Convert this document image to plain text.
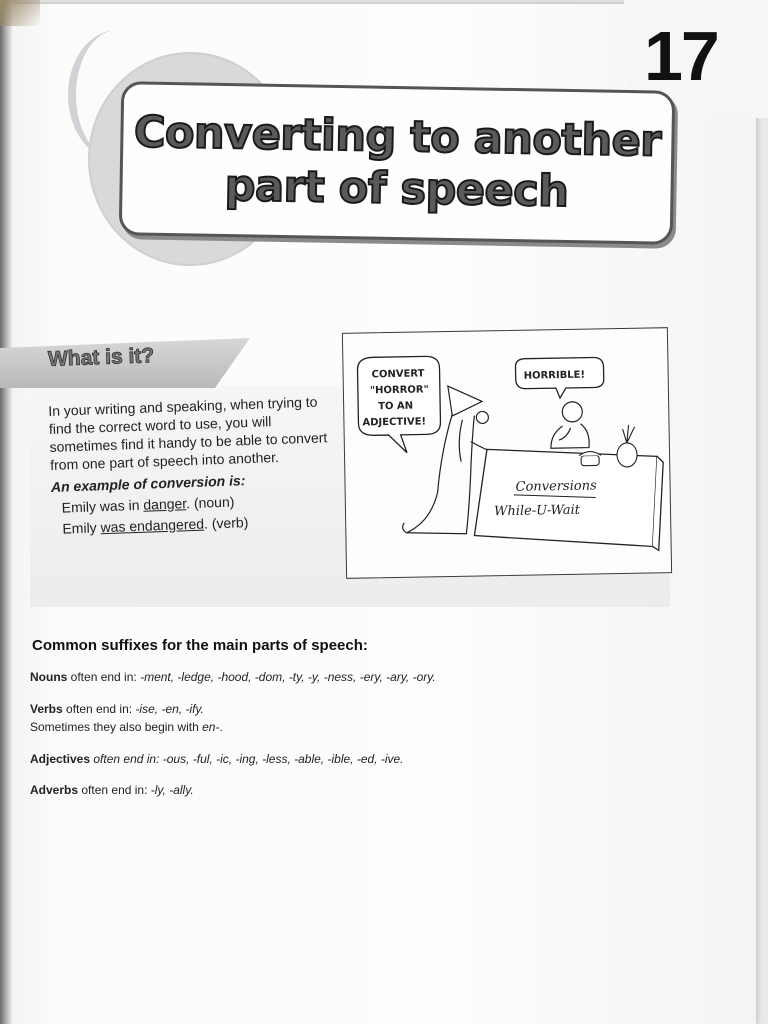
17
Converting to another
part of speech
What is it?
In your writing and speaking, when trying to find the correct word to use, you will sometimes find it handy to be able to convert from one part of speech into another.
An example of conversion is:
Emily was in danger. (noun)
Emily was endangered. (verb)
CONVERT
"HORROR"
TO AN
ADJECTIVE!
HORRIBLE!
Conversions
While-U-Wait
Common suffixes for the main parts of speech:
Nouns often end in: -ment, -ledge, -hood, -dom, -ty, -y, -ness, -ery, -ary, -ory.
Verbs often end in: -ise, -en, -ify.
Sometimes they also begin with en-.
Adjectives often end in: -ous, -ful, -ic, -ing, -less, -able, -ible, -ed, -ive.
Adverbs often end in: -ly, -ally.
